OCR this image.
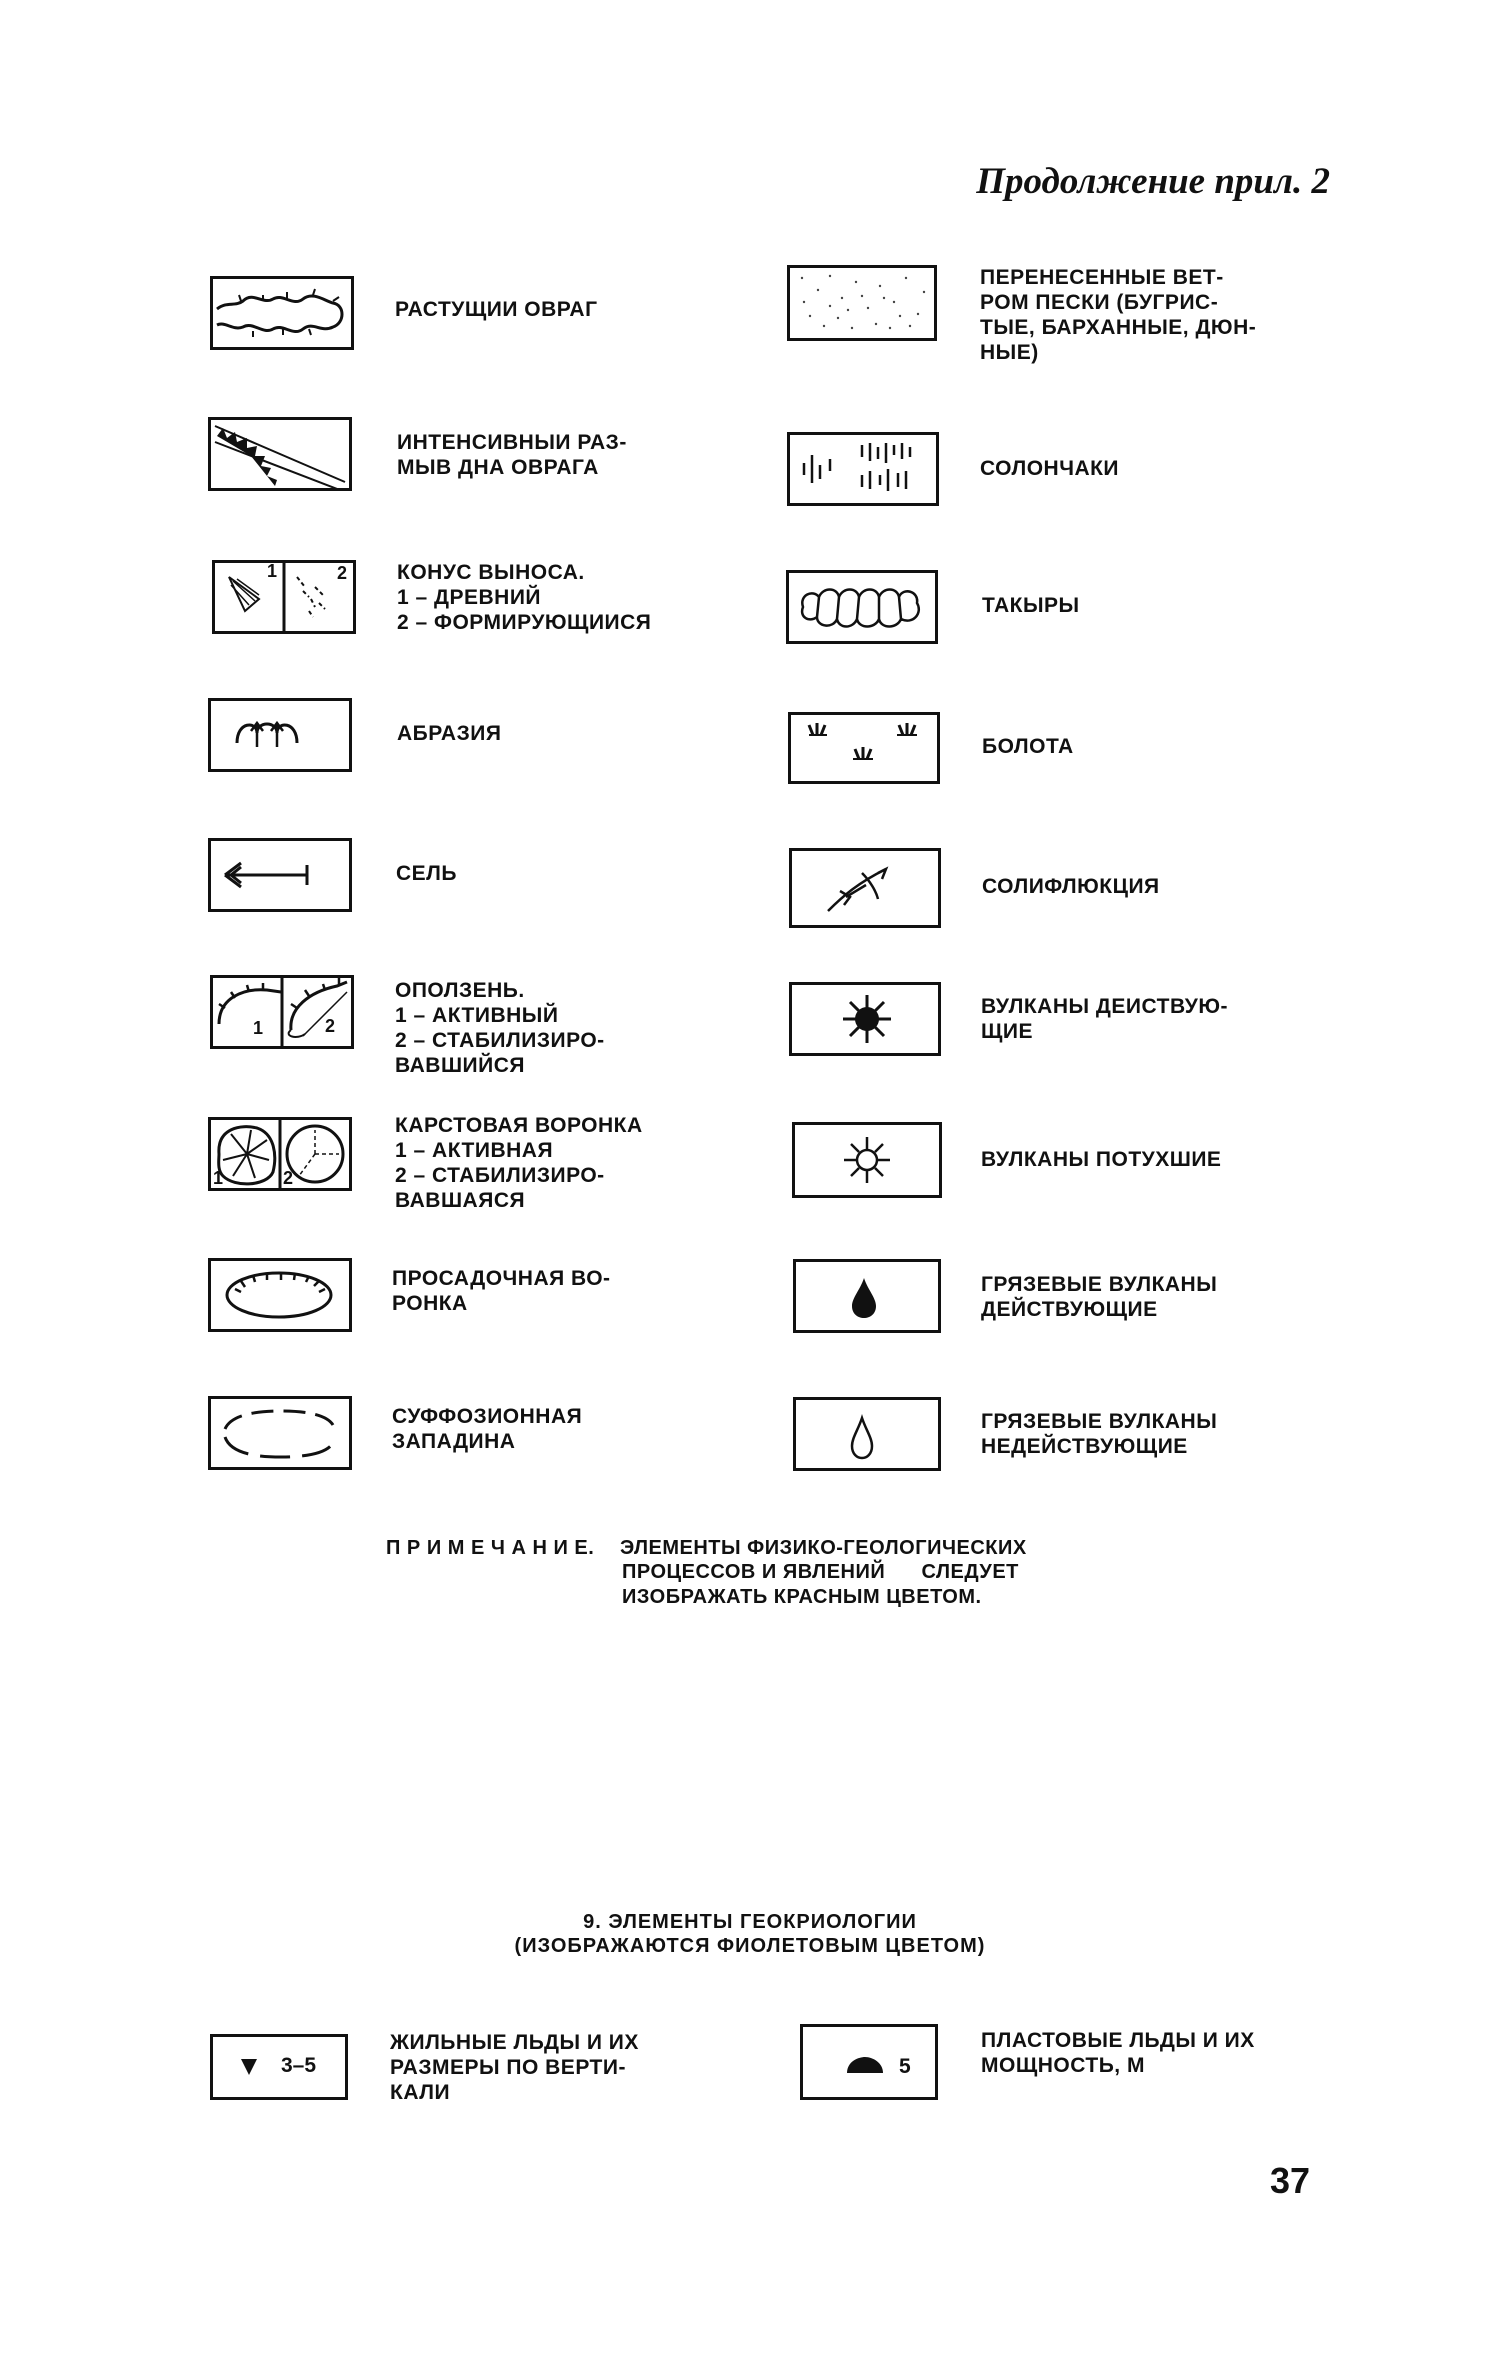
Продолжение прил. 2
РАСТУЩИИ ОВРАГ
ИНТЕНСИВНЫИ РАЗ-
МЫВ ДНА ОВРАГА
1	2 КОНУС ВЫНОСА.
1 – ДРЕВНИЙ
2 – ФОРМИРУЮЩИИСЯ
АБРАЗИЯ
СЕЛЬ
1	2
ОПОЛЗЕНЬ.
1 – АКТИВНЫЙ
2 – СТАБИЛИЗИРО-
ВАВШИЙСЯ
1	2
КАРСТОВАЯ ВОРОНКА
1 – АКТИВНАЯ
2 – СТАБИЛИЗИРО-
ВАВШАЯСЯ
ПРОСАДОЧНАЯ ВО-
РОНКА
СУФФОЗИОННАЯ
ЗАПАДИНА
ПЕРЕНЕСЕННЫЕ ВЕТ-
РОМ ПЕСКИ (БУГРИС-
ТЫЕ, БАРХАННЫЕ, ДЮН-
НЫЕ)
СОЛОНЧАКИ
ТАКЫРЫ
БОЛОТА
СОЛИФЛЮКЦИЯ
ВУЛКАНЫ ДЕИСТВУЮ-
ЩИЕ
ВУЛКАНЫ ПОТУХШИЕ
ГРЯЗЕВЫЕ ВУЛКАНЫ
ДЕЙСТВУЮЩИЕ
ГРЯЗЕВЫЕ ВУЛКАНЫ
НЕДЕЙСТВУЮЩИЕ
П Р И М Е Ч А Н И Е. ЭЛЕМЕНТЫ ФИЗИКО-ГЕОЛОГИЧЕСКИХ
ПРОЦЕССОВ И ЯВЛЕНИЙ      СЛЕДУЕТ
ИЗОБРАЖАТЬ КРАСНЫМ ЦВЕТОМ.
9. ЭЛЕМЕНТЫ ГЕОКРИОЛОГИИ
(ИЗОБРАЖАЮТСЯ ФИОЛЕТОВЫМ ЦВЕТОМ)
3–5
ЖИЛЬНЫЕ ЛЬДЫ И ИХ
РАЗМЕРЫ ПО ВЕРТИ-
КАЛИ
5
ПЛАСТОВЫЕ ЛЬДЫ И ИХ
МОЩНОСТЬ, М
37
